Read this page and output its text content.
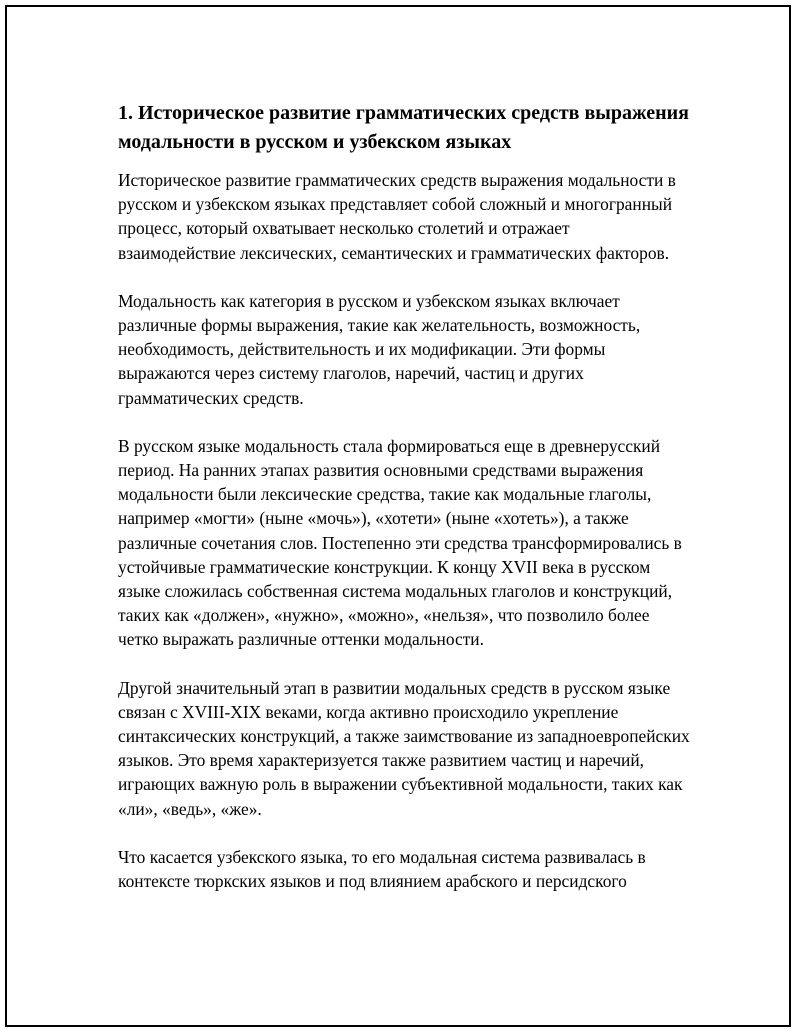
1. Историческое развитие грамматических средств выражения модальности в русском и узбекском языках

Историческое развитие грамматических средств выражения модальности в русском и узбекском языках представляет собой сложный и многогранный процесс, который охватывает несколько столетий и отражает взаимодействие лексических, семантических и грамматических факторов.

Модальность как категория в русском и узбекском языках включает различные формы выражения, такие как желательность, возможность, необходимость, действительность и их модификации. Эти формы выражаются через систему глаголов, наречий, частиц и других грамматических средств.

В русском языке модальность стала формироваться еще в древнерусский период. На ранних этапах развития основными средствами выражения модальности были лексические средства, такие как модальные глаголы, например «могти» (ныне «мочь»), «хотети» (ныне «хотеть»), а также различные сочетания слов. Постепенно эти средства трансформировались в устойчивые грамматические конструкции. К концу XVII века в русском языке сложилась собственная система модальных глаголов и конструкций, таких как «должен», «нужно», «можно», «нельзя», что позволило более четко выражать различные оттенки модальности.

Другой значительный этап в развитии модальных средств в русском языке связан с XVIII-XIX веками, когда активно происходило укрепление синтаксических конструкций, а также заимствование из западноевропейских языков. Это время характеризуется также развитием частиц и наречий, играющих важную роль в выражении субъективной модальности, таких как «ли», «ведь», «же».

Что касается узбекского языка, то его модальная система развивалась в контексте тюркских языков и под влиянием арабского и персидского
